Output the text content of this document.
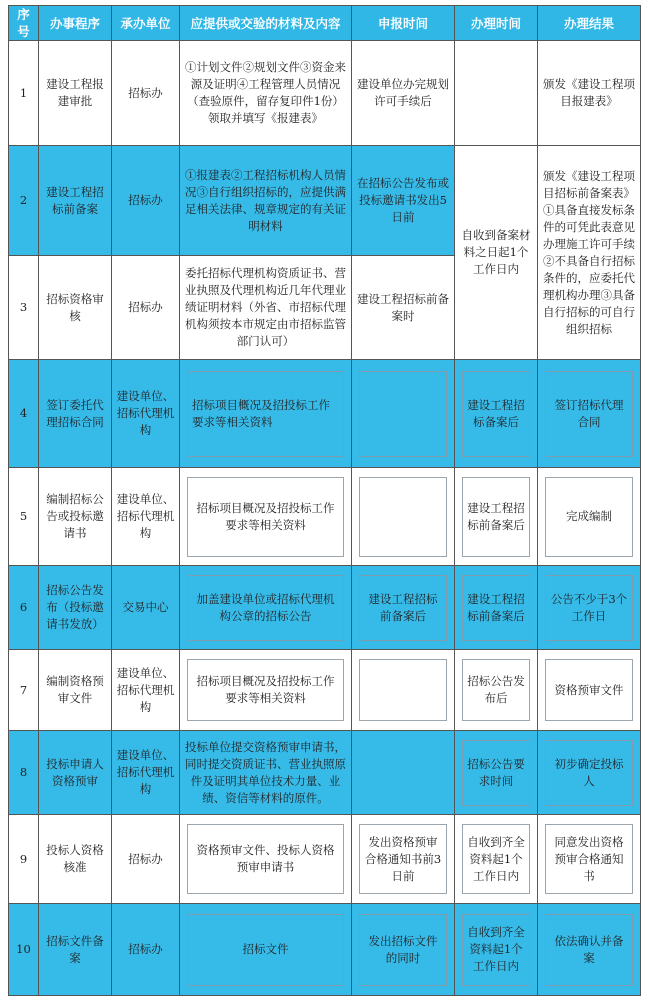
序号	办事程序	承办单位	应提供或交验的材料及内容	申报时间	办理时间	办理结果
1	建设工程报建审批	招标办	①计划文件②规划文件③资金来源及证明④工程管理人员情况（查验原件，留存复印件1份）领取并填写《报建表》	建设单位办完规划许可手续后		颁发《建设工程项目报建表》
2	建设工程招标前备案	招标办	①报建表②工程招标机构人员情况③自行组织招标的，应提供满足相关法律、规章规定的有关证明材料	在招标公告发布或投标邀请书发出5日前	自收到备案材料之日起1个工作日内	颁发《建设工程项目招标前备案表》①具备直接发标条件的可凭此表意见办理施工许可手续②不具备自行招标条件的，应委托代理机构办理③具备自行招标的可自行组织招标
3	招标资格审 核	招标办	委托招标代理机构资质证书、营业执照及代理机构近几年代理业绩证明材料（外省、市招标代理机构须按本市规定由市招标监管部门认可）	建设工程招标前备案时		
4	签订委托代理招标合同	建设单位、招标代理机构	招标项目概况及招投标工作要求等相关资料		建设工程招标备案后	签订招标代理合同

5	编制招标公告或投标邀请书	建设单位、招标代理机构	招标项目概况及招投标工作要求等相关资料		建设工程招标前备案后	完成编制

6	招标公告发布（投标邀请书发放）	交易中心	加盖建设单位或招标代理机构公章的招标公告	建设工程招标前备案后	建设工程招标前备案后	公告不少于3个工作日

7	编制资格预审文件	建设单位、招标代理机构	招标项目概况及招投标工作要求等相关资料		招标公告发布后	资格预审文件

8	投标申请人资格预审	建设单位、招标代理机构	投标单位提交资格预审申请书，同时提交资质证书、营业执照原件及证明其单位技术力量、业绩、资信等材料的原件。		招标公告要求时间	初步确定投标人

9	投标人资格核准	招标办	资格预审文件、投标人资格预审申请书	发出资格预审合格通知书前3日前	自收到齐全资料起1个工作日内	同意发出资格预审合格通知书

10	招标文件备案	招标办	招标文件	发出招标文件的同时	自收到齐全资料起1个工作日内	依法确认并备案
